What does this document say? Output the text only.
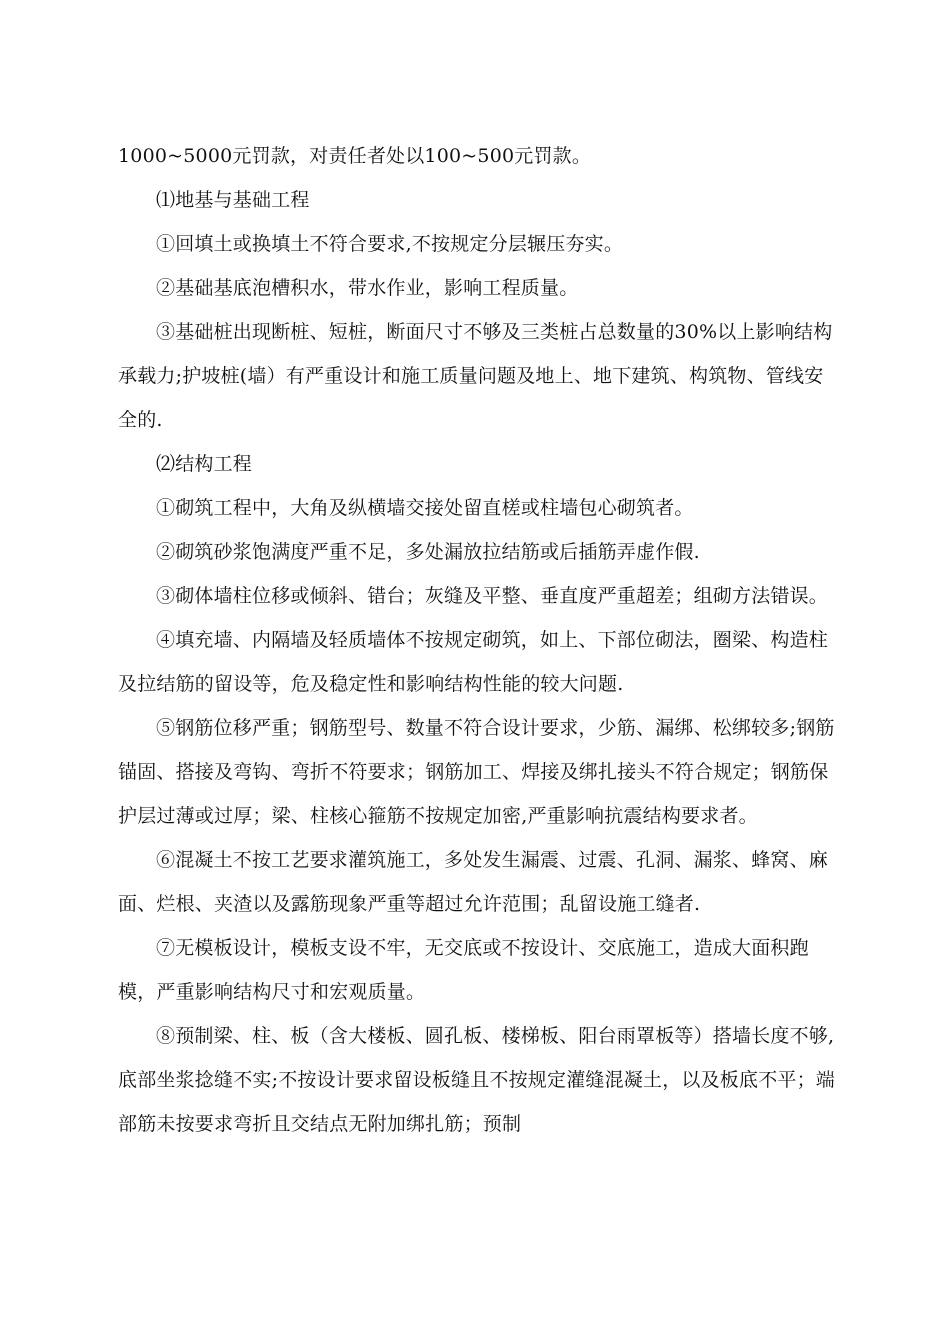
1000~5000元罚款，对责任者处以100~500元罚款。

⑴地基与基础工程

①回填土或换填土不符合要求,不按规定分层辗压夯实。

②基础基底泡槽积水，带水作业，影响工程质量。

③基础桩出现断桩、短桩，断面尺寸不够及三类桩占总数量的30%以上影响结构承载力;护坡桩(墙）有严重设计和施工质量问题及地上、地下建筑、构筑物、管线安全的.

⑵结构工程

①砌筑工程中，大角及纵横墙交接处留直槎或柱墙包心砌筑者。

②砌筑砂浆饱满度严重不足，多处漏放拉结筋或后插筋弄虚作假.

③砌体墙柱位移或倾斜、错台；灰缝及平整、垂直度严重超差；组砌方法错误。

④填充墙、内隔墙及轻质墙体不按规定砌筑，如上、下部位砌法，圈梁、构造柱及拉结筋的留设等，危及稳定性和影响结构性能的较大问题.

⑤钢筋位移严重；钢筋型号、数量不符合设计要求，少筋、漏绑、松绑较多;钢筋锚固、搭接及弯钩、弯折不符要求；钢筋加工、焊接及绑扎接头不符合规定；钢筋保护层过薄或过厚；梁、柱核心箍筋不按规定加密,严重影响抗震结构要求者。

⑥混凝土不按工艺要求灌筑施工，多处发生漏震、过震、孔洞、漏浆、蜂窝、麻面、烂根、夹渣以及露筋现象严重等超过允许范围；乱留设施工缝者.

⑦无模板设计，模板支设不牢，无交底或不按设计、交底施工，造成大面积跑模，严重影响结构尺寸和宏观质量。

⑧预制梁、柱、板（含大楼板、圆孔板、楼梯板、阳台雨罩板等）搭墙长度不够,底部坐浆捻缝不实;不按设计要求留设板缝且不按规定灌缝混凝土，以及板底不平；端部筋未按要求弯折且交结点无附加绑扎筋；预制
